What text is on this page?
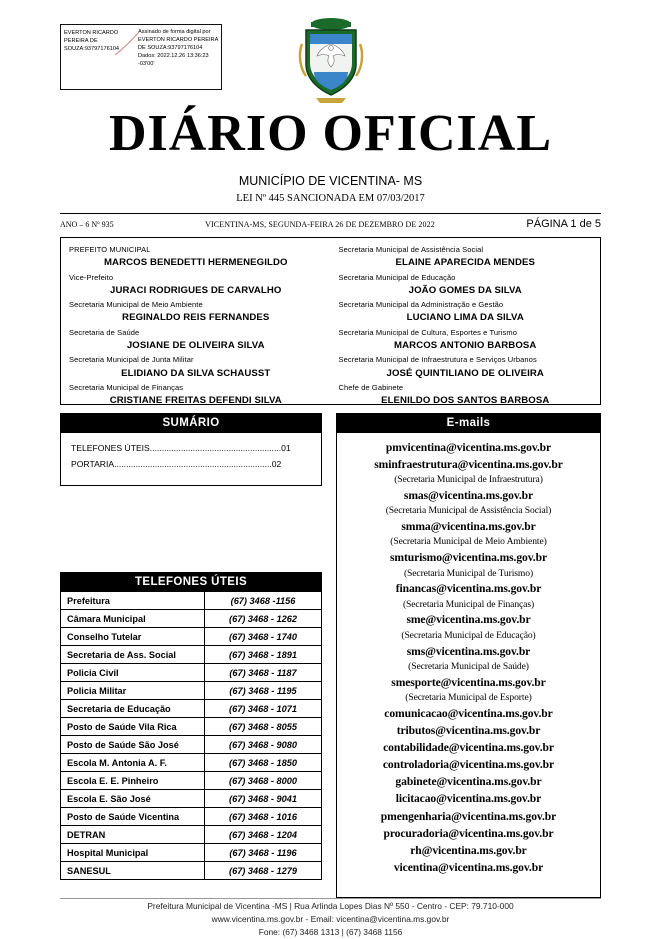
EVERTON RICARDO PEREIRA DE SOUZA:93797176104
Assinado de forma digital por EVERTON RICARDO PEREIRA DE SOUZA:93797176104 Dados: 2022.12.26 13:36:23 -03'00'
DIÁRIO OFICIAL
MUNICÍPIO DE VICENTINA- MS
LEI Nº 445 SANCIONADA EM 07/03/2017
ANO – 6 Nº 935	VICENTINA-MS, SEGUNDA-FEIRA 26 DE DEZEMBRO DE 2022	PÁGINA 1 de 5
PREFEITO MUNICIPAL
MARCOS BENEDETTI HERMENEGILDO
Vice-Prefeito
JURACI RODRIGUES DE CARVALHO
Secretaria Municipal de Meio Ambiente
REGINALDO REIS FERNANDES
Secretaria de Saúde
JOSIANE DE OLIVEIRA SILVA
Secretaria Municipal de Junta Militar
ELIDIANO DA SILVA SCHAUSST
Secretaria Municipal de Finanças
CRISTIANE FREITAS DEFENDI SILVA
Secretaria Municipal de Assistência Social
ELAINE APARECIDA MENDES
Secretaria Municipal de Educação
JOÃO GOMES DA SILVA
Secretaria Municipal da Administração e Gestão
LUCIANO LIMA DA SILVA
Secretaria Municipal de Cultura, Esportes e Turismo
MARCOS ANTONIO BARBOSA
Secretaria Municipal de Infraestrutura e Serviços Urbanos
JOSÉ QUINTILIANO DE OLIVEIRA
Chefe de Gabinete
ELENILDO DOS SANTOS BARBOSA
SUMÁRIO
TELEFONES ÚTEIS.......................................................01
PORTARIA..................................................................02
TELEFONES ÚTEIS
Prefeitura	(67) 3468 -1156
Câmara Municipal	(67) 3468 - 1262
Conselho Tutelar	(67) 3468 - 1740
Secretaria de Ass. Social	(67) 3468 - 1891
Policia Civil	(67) 3468 - 1187
Policia Militar	(67) 3468 - 1195
Secretaria de Educação	(67) 3468 - 1071
Posto de Saúde Vila Rica	(67) 3468 - 8055
Posto de Saúde São José	(67) 3468 - 9080
Escola M. Antonia A. F.	(67) 3468 - 1850
Escola E. E. Pinheiro	(67) 3468 - 8000
Escola E. São José	(67) 3468 - 9041
Posto de Saúde Vicentina	(67) 3468 - 1016
DETRAN	(67) 3468 - 1204
Hospital Municipal	(67) 3468 - 1196
SANESUL	(67) 3468 - 1279
E-mails
pmvicentina@vicentina.ms.gov.br
sminfraestrutura@vicentina.ms.gov.br
(Secretaria Municipal de Infraestrutura)
smas@vicentina.ms.gov.br
(Secretaria Municipal de Assistência Social)
smma@vicentina.ms.gov.br
(Secretaria Municipal de Meio Ambiente)
smturismo@vicentina.ms.gov.br
(Secretaria Municipal de Turismo)
financas@vicentina.ms.gov.br
(Secretaria Municipal de Finanças)
sme@vicentina.ms.gov.br
(Secretaria Municipal de Educação)
sms@vicentina.ms.gov.br
(Secretaria Municipal de Saúde)
smesporte@vicentina.ms.gov.br
(Secretaria Municipal de Esporte)
comunicacao@vicentina.ms.gov.br
tributos@vicentina.ms.gov.br
contabilidade@vicentina.ms.gov.br
controladoria@vicentina.ms.gov.br
gabinete@vicentina.ms.gov.br
licitacao@vicentina.ms.gov.br
pmengenharia@vicentina.ms.gov.br
procuradoria@vicentina.ms.gov.br
rh@vicentina.ms.gov.br
vicentina@vicentina.ms.gov.br
Prefeitura Municipal de Vicentina -MS | Rua Arlinda Lopes Dias Nº 550 - Centro - CEP: 79.710-000
www.vicentina.ms.gov.br - Email: vicentina@vicentina.ms.gov.br
Fone: (67) 3468 1313 | (67) 3468 1156
